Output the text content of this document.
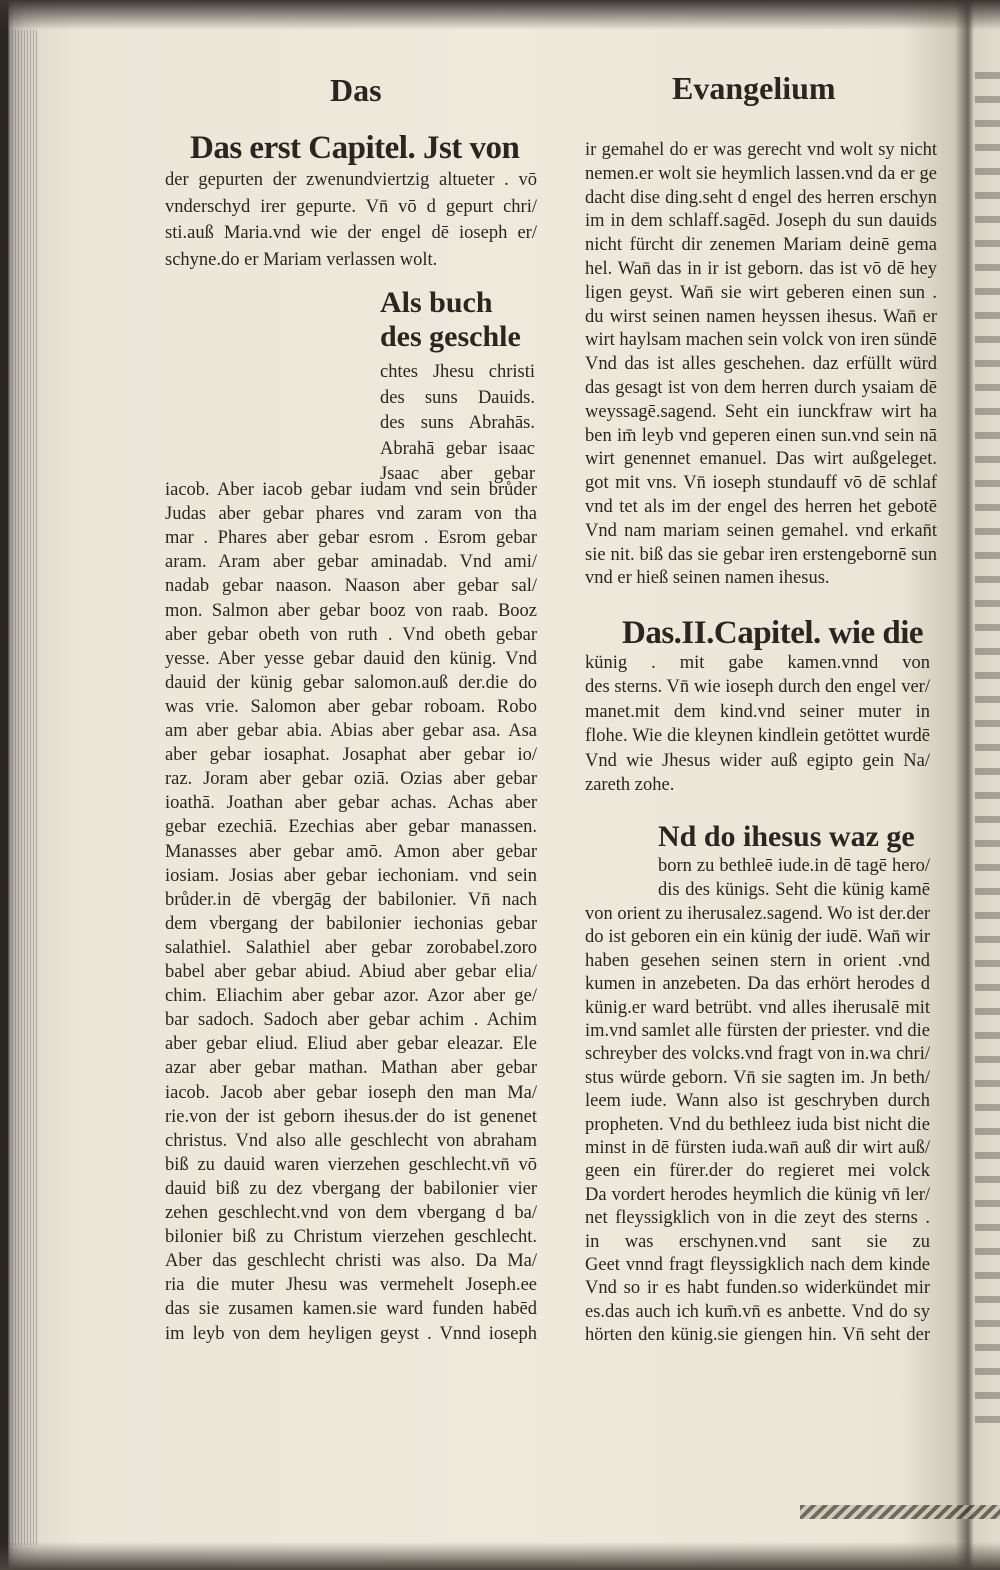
Das	Evangelium
Das erst Capitel. Jst von
Als buch
des geschle
Das.II.Capitel. wie die
Nd do ihesus waz ge
der gepurten der zwenundviertzig altueter . vō
vnderschyd irer gepurte. Vn̄ vō d gepurt chri/
sti.auß Maria.vnd wie der engel dē ioseph er/
schyne.do er Mariam verlassen wolt.
chtes Jhesu christi
des suns Dauids.
des suns Abrahās.
Abrahā gebar isaac
Jsaac aber gebar
iacob. Aber iacob gebar iudam vnd sein brůder
Judas aber gebar phares vnd zaram von tha
mar . Phares aber gebar esrom . Esrom gebar
aram. Aram aber gebar aminadab. Vnd ami/
nadab gebar naason. Naason aber gebar sal/
mon. Salmon aber gebar booz von raab. Booz
aber gebar obeth von ruth . Vnd obeth gebar
yesse. Aber yesse gebar dauid den künig. Vnd
dauid der künig gebar salomon.auß der.die do
was vrie. Salomon aber gebar roboam. Robo
am aber gebar abia. Abias aber gebar asa. Asa
aber gebar iosaphat. Josaphat aber gebar io/
raz. Joram aber gebar oziā. Ozias aber gebar
ioathā. Joathan aber gebar achas. Achas aber
gebar ezechiā. Ezechias aber gebar manassen.
Manasses aber gebar amō. Amon aber gebar
iosiam. Josias aber gebar iechoniam. vnd sein
brůder.in dē vbergāg der babilonier. Vn̄ nach
dem vbergang der babilonier iechonias gebar
salathiel. Salathiel aber gebar zorobabel.zoro
babel aber gebar abiud. Abiud aber gebar elia/
chim. Eliachim aber gebar azor. Azor aber ge/
bar sadoch. Sadoch aber gebar achim . Achim
aber gebar eliud. Eliud aber gebar eleazar. Ele
azar aber gebar mathan. Mathan aber gebar
iacob. Jacob aber gebar ioseph den man Ma/
rie.von der ist geborn ihesus.der do ist genenet
christus. Vnd also alle geschlecht von abraham
biß zu dauid waren vierzehen geschlecht.vn̄ vō
dauid biß zu dez vbergang der babilonier vier
zehen geschlecht.vnd von dem vbergang d ba/
bilonier biß zu Christum vierzehen geschlecht.
Aber das geschlecht christi was also. Da Ma/
ria die muter Jhesu was vermehelt Joseph.ee
das sie zusamen kamen.sie ward funden habēd
im leyb von dem heyligen geyst . Vnnd ioseph
ir gemahel do er was gerecht vnd wolt sy nicht
nemen.er wolt sie heymlich lassen.vnd da er ge
dacht dise ding.seht d engel des herren erschyn
im in dem schlaff.sagēd. Joseph du sun dauids
nicht fürcht dir zenemen Mariam deinē gema
hel. Wan̄ das in ir ist geborn. das ist vō dē hey
ligen geyst. Wan̄ sie wirt geberen einen sun .
du wirst seinen namen heyssen ihesus. Wan̄ er
wirt haylsam machen sein volck von iren sündē
Vnd das ist alles geschehen. daz erfüllt würd
das gesagt ist von dem herren durch ysaiam dē
weyssagē.sagend. Seht ein iunckfraw wirt ha
ben im̄ leyb vnd geperen einen sun.vnd sein nā
wirt genennet emanuel. Das wirt außgeleget.
got mit vns. Vn̄ ioseph stundauff vō dē schlaf
vnd tet als im der engel des herren het gebotē
Vnd nam mariam seinen gemahel. vnd erkan̄t
sie nit. biß das sie gebar iren erstengebornē sun
vnd er hieß seinen namen ihesus.
künig . mit gabe kamen.vnnd von
des sterns. Vn̄ wie ioseph durch den engel ver/
manet.mit dem kind.vnd seiner muter in
flohe. Wie die kleynen kindlein getöttet wurdē
Vnd wie Jhesus wider auß egipto gein Na/
zareth zohe.
born zu bethleē iude.in dē tagē hero/
dis des künigs. Seht die künig kamē
von orient zu iherusalez.sagend. Wo ist der.der
do ist geboren ein ein künig der iudē. Wan̄ wir
haben gesehen seinen stern in orient .vnd
kumen in anzebeten. Da das erhört herodes d
künig.er ward betrübt. vnd alles iherusalē mit
im.vnd samlet alle fürsten der priester. vnd die
schreyber des volcks.vnd fragt von in.wa chri/
stus würde geborn. Vn̄ sie sagten im. Jn beth/
leem iude. Wann also ist geschryben durch
propheten. Vnd du bethleez iuda bist nicht die
minst in dē fürsten iuda.wan̄ auß dir wirt auß/
geen ein fürer.der do regieret mei volck
Da vordert herodes heymlich die künig vn̄ ler/
net fleyssigklich von in die zeyt des sterns .
in was erschynen.vnd sant sie zu
Geet vnnd fragt fleyssigklich nach dem kinde
Vnd so ir es habt funden.so widerkündet mir
es.das auch ich kum̄.vn̄ es anbette. Vnd do sy
hörten den künig.sie giengen hin. Vn̄ seht der
